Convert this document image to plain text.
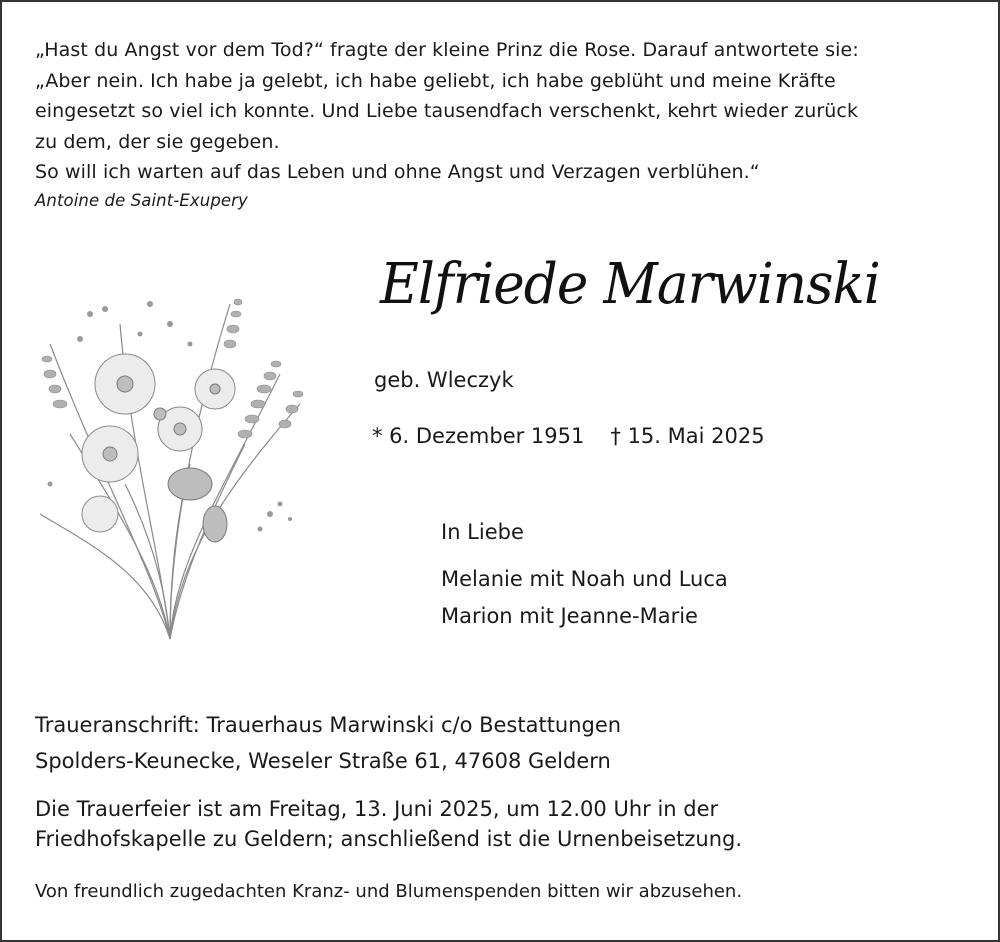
„Hast du Angst vor dem Tod?“ fragte der kleine Prinz die Rose. Darauf antwortete sie:

„Aber nein. Ich habe ja gelebt, ich habe geliebt, ich habe geblüht und meine Kräfte

eingesetzt so viel ich konnte. Und Liebe tausendfach verschenkt, kehrt wieder zurück

zu dem, der sie gegeben.

So will ich warten auf das Leben und ohne Angst und Verzagen verblühen.“

Antoine de Saint-Exupery

Elfriede Marwinski
geb. Wleczyk
* 6. Dezember 1951 † 15. Mai 2025

In Liebe

Melanie mit Noah und Luca

Marion mit Jeanne-Marie

Traueranschrift: Trauerhaus Marwinski c/o Bestattungen

Spolders-Keunecke, Weseler Straße 61, 47608 Geldern

Die Trauerfeier ist am Freitag, 13. Juni 2025, um 12.00 Uhr in der

Friedhofskapelle zu Geldern; anschließend ist die Urnenbeisetzung.

Von freundlich zugedachten Kranz- und Blumenspenden bitten wir abzusehen.
